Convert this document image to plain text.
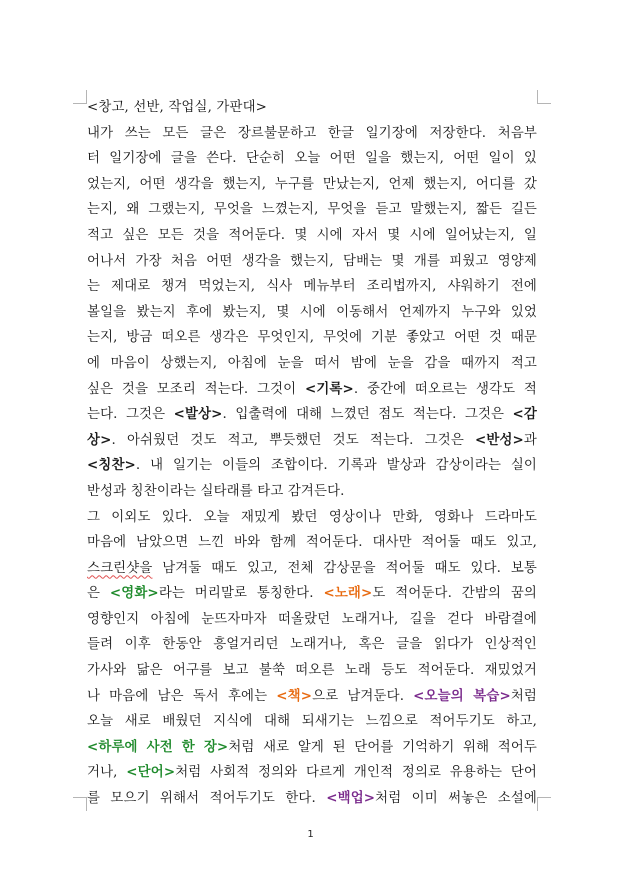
<창고, 선반, 작업실, 가판대>
내가 쓰는 모든 글은 장르불문하고 한글 일기장에 저장한다. 처음부
터 일기장에 글을 쓴다. 단순히 오늘 어떤 일을 했는지, 어떤 일이 있
었는지, 어떤 생각을 했는지, 누구를 만났는지, 언제 했는지, 어디를 갔
는지, 왜 그랬는지, 무엇을 느꼈는지, 무엇을 듣고 말했는지, 짧든 길든
적고 싶은 모든 것을 적어둔다. 몇 시에 자서 몇 시에 일어났는지, 일
어나서 가장 처음 어떤 생각을 했는지, 담배는 몇 개를 피웠고 영양제
는 제대로 챙겨 먹었는지, 식사 메뉴부터 조리법까지, 샤워하기 전에
볼일을 봤는지 후에 봤는지, 몇 시에 이동해서 언제까지 누구와 있었
는지, 방금 떠오른 생각은 무엇인지, 무엇에 기분 좋았고 어떤 것 때문
에 마음이 상했는지, 아침에 눈을 떠서 밤에 눈을 감을 때까지 적고
싶은 것을 모조리 적는다. 그것이 <기록>. 중간에 떠오르는 생각도 적
는다. 그것은 <발상>. 입출력에 대해 느꼈던 점도 적는다. 그것은 <감
상>. 아쉬웠던 것도 적고, 뿌듯했던 것도 적는다. 그것은 <반성>과
<칭찬>. 내 일기는 이들의 조합이다. 기록과 발상과 감상이라는 실이
반성과 칭찬이라는 실타래를 타고 감겨든다.
그 이외도 있다. 오늘 재밌게 봤던 영상이나 만화, 영화나 드라마도
마음에 남았으면 느낀 바와 함께 적어둔다. 대사만 적어둘 때도 있고,
스크린샷을 남겨둘 때도 있고, 전체 감상문을 적어둘 때도 있다. 보통
은 <영화>라는 머리말로 통칭한다. <노래>도 적어둔다. 간밤의 꿈의
영향인지 아침에 눈뜨자마자 떠올랐던 노래거나, 길을 걷다 바람결에
들려 이후 한동안 흥얼거리던 노래거나, 혹은 글을 읽다가 인상적인
가사와 닮은 어구를 보고 불쑥 떠오른 노래 등도 적어둔다. 재밌었거
나 마음에 남은 독서 후에는 <책>으로 남겨둔다. <오늘의 복습>처럼
오늘 새로 배웠던 지식에 대해 되새기는 느낌으로 적어두기도 하고,
<하루에 사전 한 장>처럼 새로 알게 된 단어를 기억하기 위해 적어두
거나, <단어>처럼 사회적 정의와 다르게 개인적 정의로 유용하는 단어
를 모으기 위해서 적어두기도 한다. <백업>처럼 이미 써놓은 소설에
1
